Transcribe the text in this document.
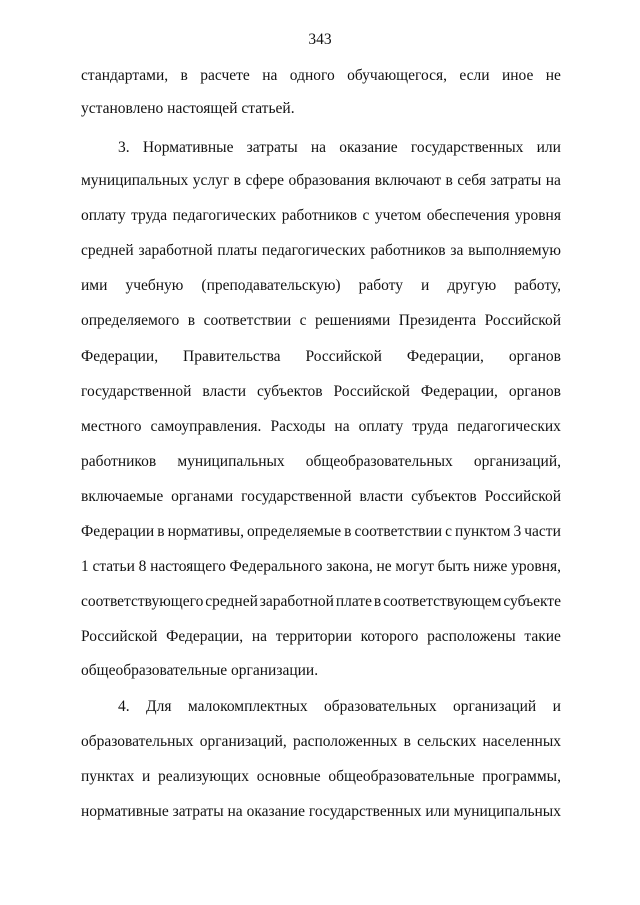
343
стандартами, в расчете на одного обучающегося, если иное не
установлено настоящей статьей.
3. Нормативные затраты на оказание государственных или
муниципальных услуг в сфере образования включают в себя затраты на
оплату труда педагогических работников с учетом обеспечения уровня
средней заработной платы педагогических работников за выполняемую
ими учебную (преподавательскую) работу и другую работу,
определяемого в соответствии с решениями Президента Российской
Федерации, Правительства Российской Федерации, органов
государственной власти субъектов Российской Федерации, органов
местного самоуправления. Расходы на оплату труда педагогических
работников муниципальных общеобразовательных организаций,
включаемые органами государственной власти субъектов Российской
Федерации в нормативы, определяемые в соответствии с пунктом 3 части
1 статьи 8 настоящего Федерального закона, не могут быть ниже уровня,
соответствующего средней заработной плате в соответствующем субъекте
Российской Федерации, на территории которого расположены такие
общеобразовательные организации.
4. Для малокомплектных образовательных организаций и
образовательных организаций, расположенных в сельских населенных
пунктах и реализующих основные общеобразовательные программы,
нормативные затраты на оказание государственных или муниципальных
